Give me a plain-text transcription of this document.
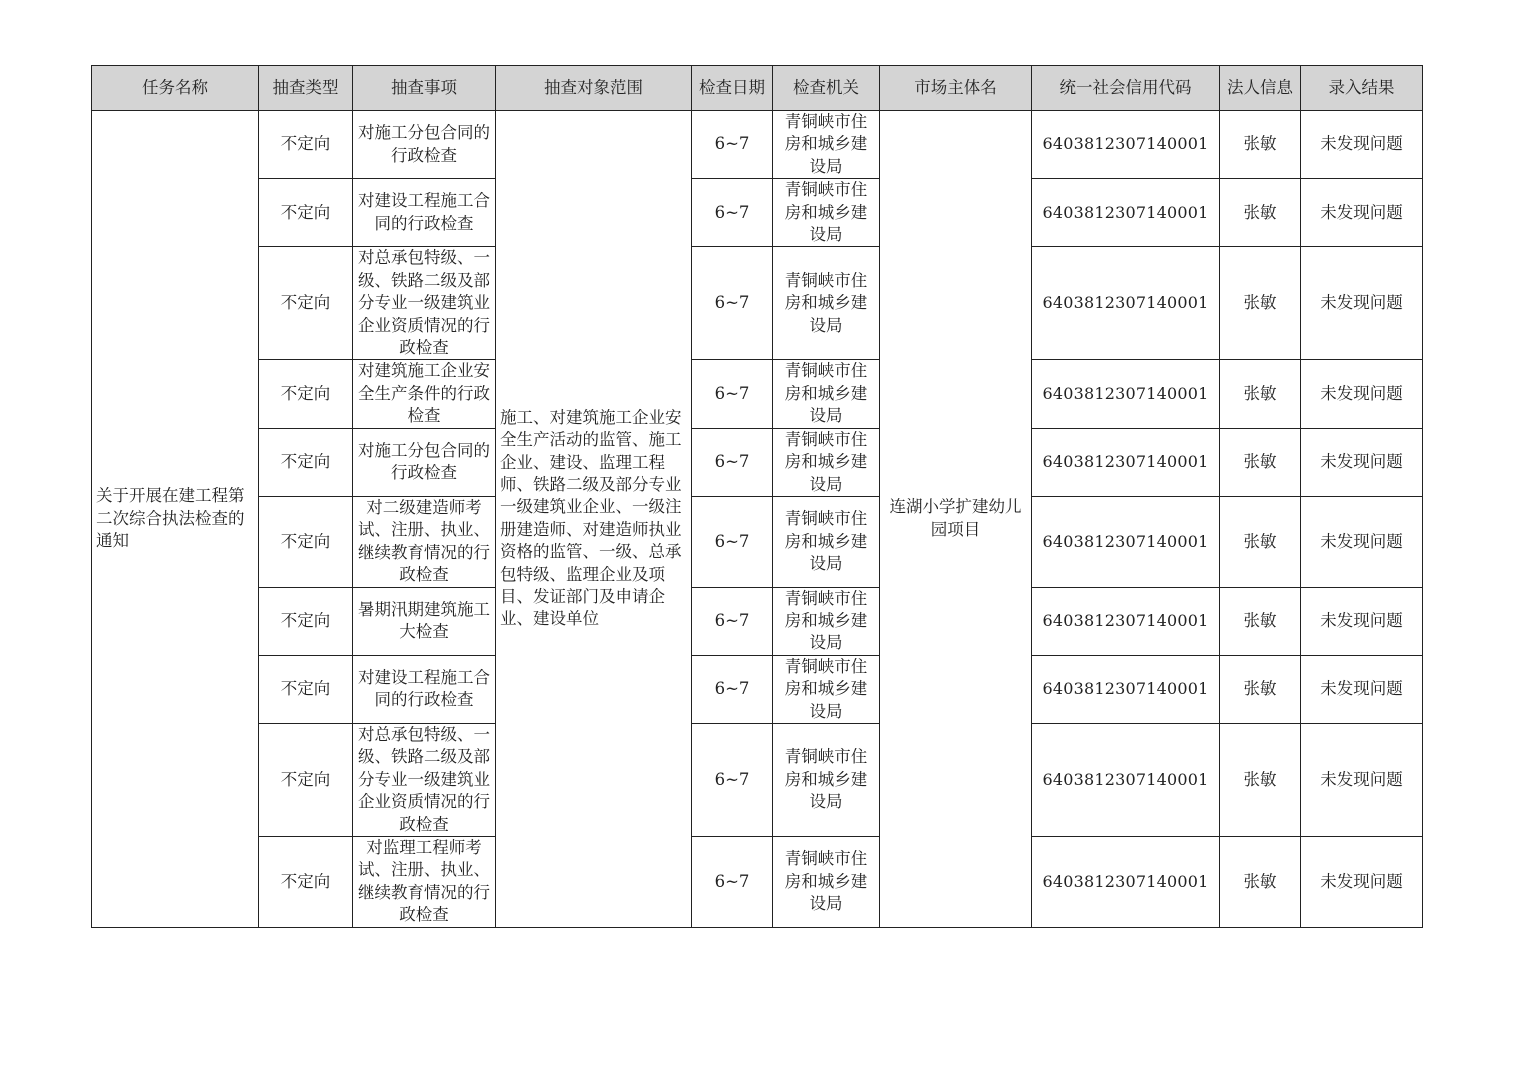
任务名称	抽查类型	抽查事项	抽查对象范围	检查日期	检查机关	市场主体名	统一社会信用代码	法人信息	录入结果
关于开展在建工程第二次综合执法检查的通知	不定向	对施工分包合同的行政检查	施工、对建筑施工企业安全生产活动的监管、施工企业、建设、监理工程师、铁路二级及部分专业一级建筑业企业、一级注册建造师、对建造师执业资格的监管、一级、总承包特级、监理企业及项目、发证部门及申请企业、建设单位	6~7	青铜峡市住房和城乡建设局	连湖小学扩建幼儿园项目	6403812307140001	张敏	未发现问题
	不定向	对建设工程施工合同的行政检查		6~7	青铜峡市住房和城乡建设局		6403812307140001	张敏	未发现问题
	不定向	对总承包特级、一级、铁路二级及部分专业一级建筑业企业资质情况的行政检查		6~7	青铜峡市住房和城乡建设局		6403812307140001	张敏	未发现问题
	不定向	对建筑施工企业安全生产条件的行政检查		6~7	青铜峡市住房和城乡建设局		6403812307140001	张敏	未发现问题
	不定向	对施工分包合同的行政检查		6~7	青铜峡市住房和城乡建设局		6403812307140001	张敏	未发现问题
	不定向	对二级建造师考试、注册、执业、继续教育情况的行政检查		6~7	青铜峡市住房和城乡建设局		6403812307140001	张敏	未发现问题
	不定向	暑期汛期建筑施工大检查		6~7	青铜峡市住房和城乡建设局		6403812307140001	张敏	未发现问题
	不定向	对建设工程施工合同的行政检查		6~7	青铜峡市住房和城乡建设局		6403812307140001	张敏	未发现问题
	不定向	对总承包特级、一级、铁路二级及部分专业一级建筑业企业资质情况的行政检查		6~7	青铜峡市住房和城乡建设局		6403812307140001	张敏	未发现问题
	不定向	对监理工程师考试、注册、执业、继续教育情况的行政检查		6~7	青铜峡市住房和城乡建设局		6403812307140001	张敏	未发现问题
